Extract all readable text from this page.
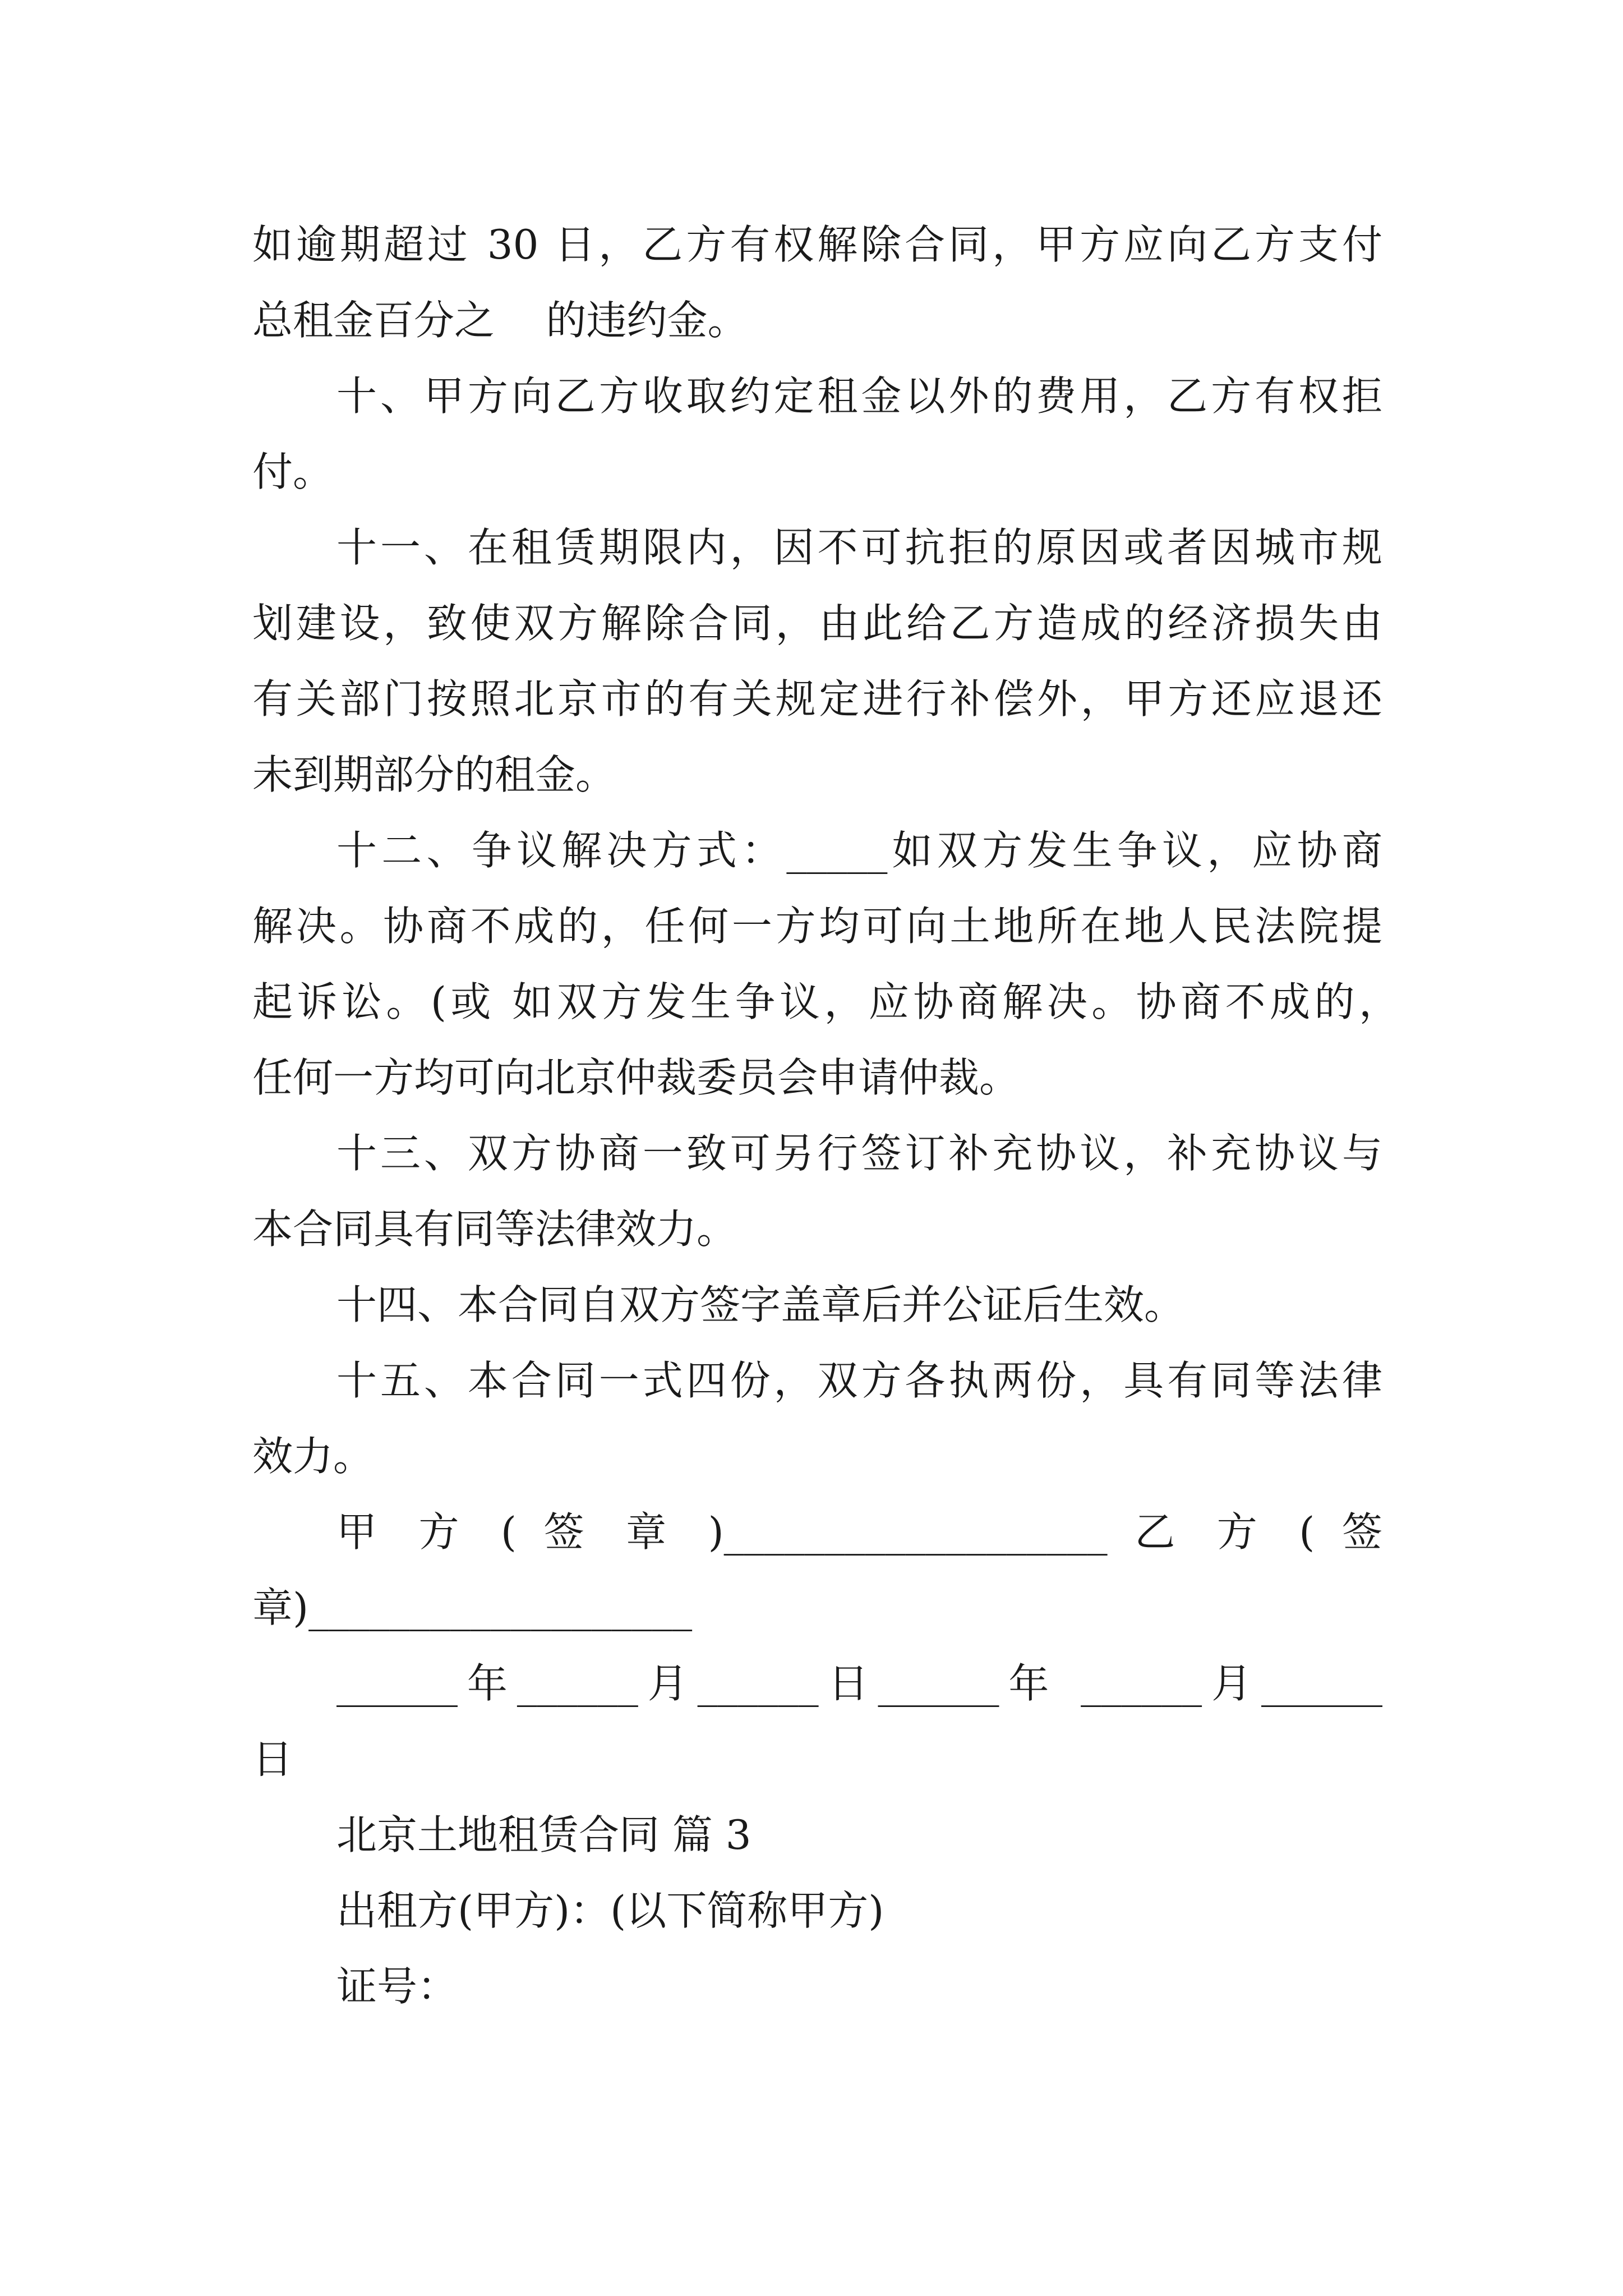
如逾期超过 30 日，乙方有权解除合同，甲方应向乙方支付
总租金百分之    的违约金。
十、甲方向乙方收取约定租金以外的费用，乙方有权拒
付。
十一、在租赁期限内，因不可抗拒的原因或者因城市规
划建设，致使双方解除合同，由此给乙方造成的经济损失由
有关部门按照北京市的有关规定进行补偿外，甲方还应退还
未到期部分的租金。
十二、争议解决方式：_____如双方发生争议，应协商
解决。协商不成的，任何一方均可向土地所在地人民法院提
起诉讼。(或 如双方发生争议，应协商解决。协商不成的，
任何一方均可向北京仲裁委员会申请仲裁。
十三、双方协商一致可另行签订补充协议，补充协议与
本合同具有同等法律效力。
十四、本合同自双方签字盖章后并公证后生效。
十五、本合同一式四份，双方各执两份，具有同等法律
效力。
甲 方 ( 签 章 )___________________ 乙 方 ( 签
章)___________________
______年______月______日______年 ______月______
日
北京土地租赁合同 篇 3
出租方(甲方)：(以下简称甲方)
证号：
